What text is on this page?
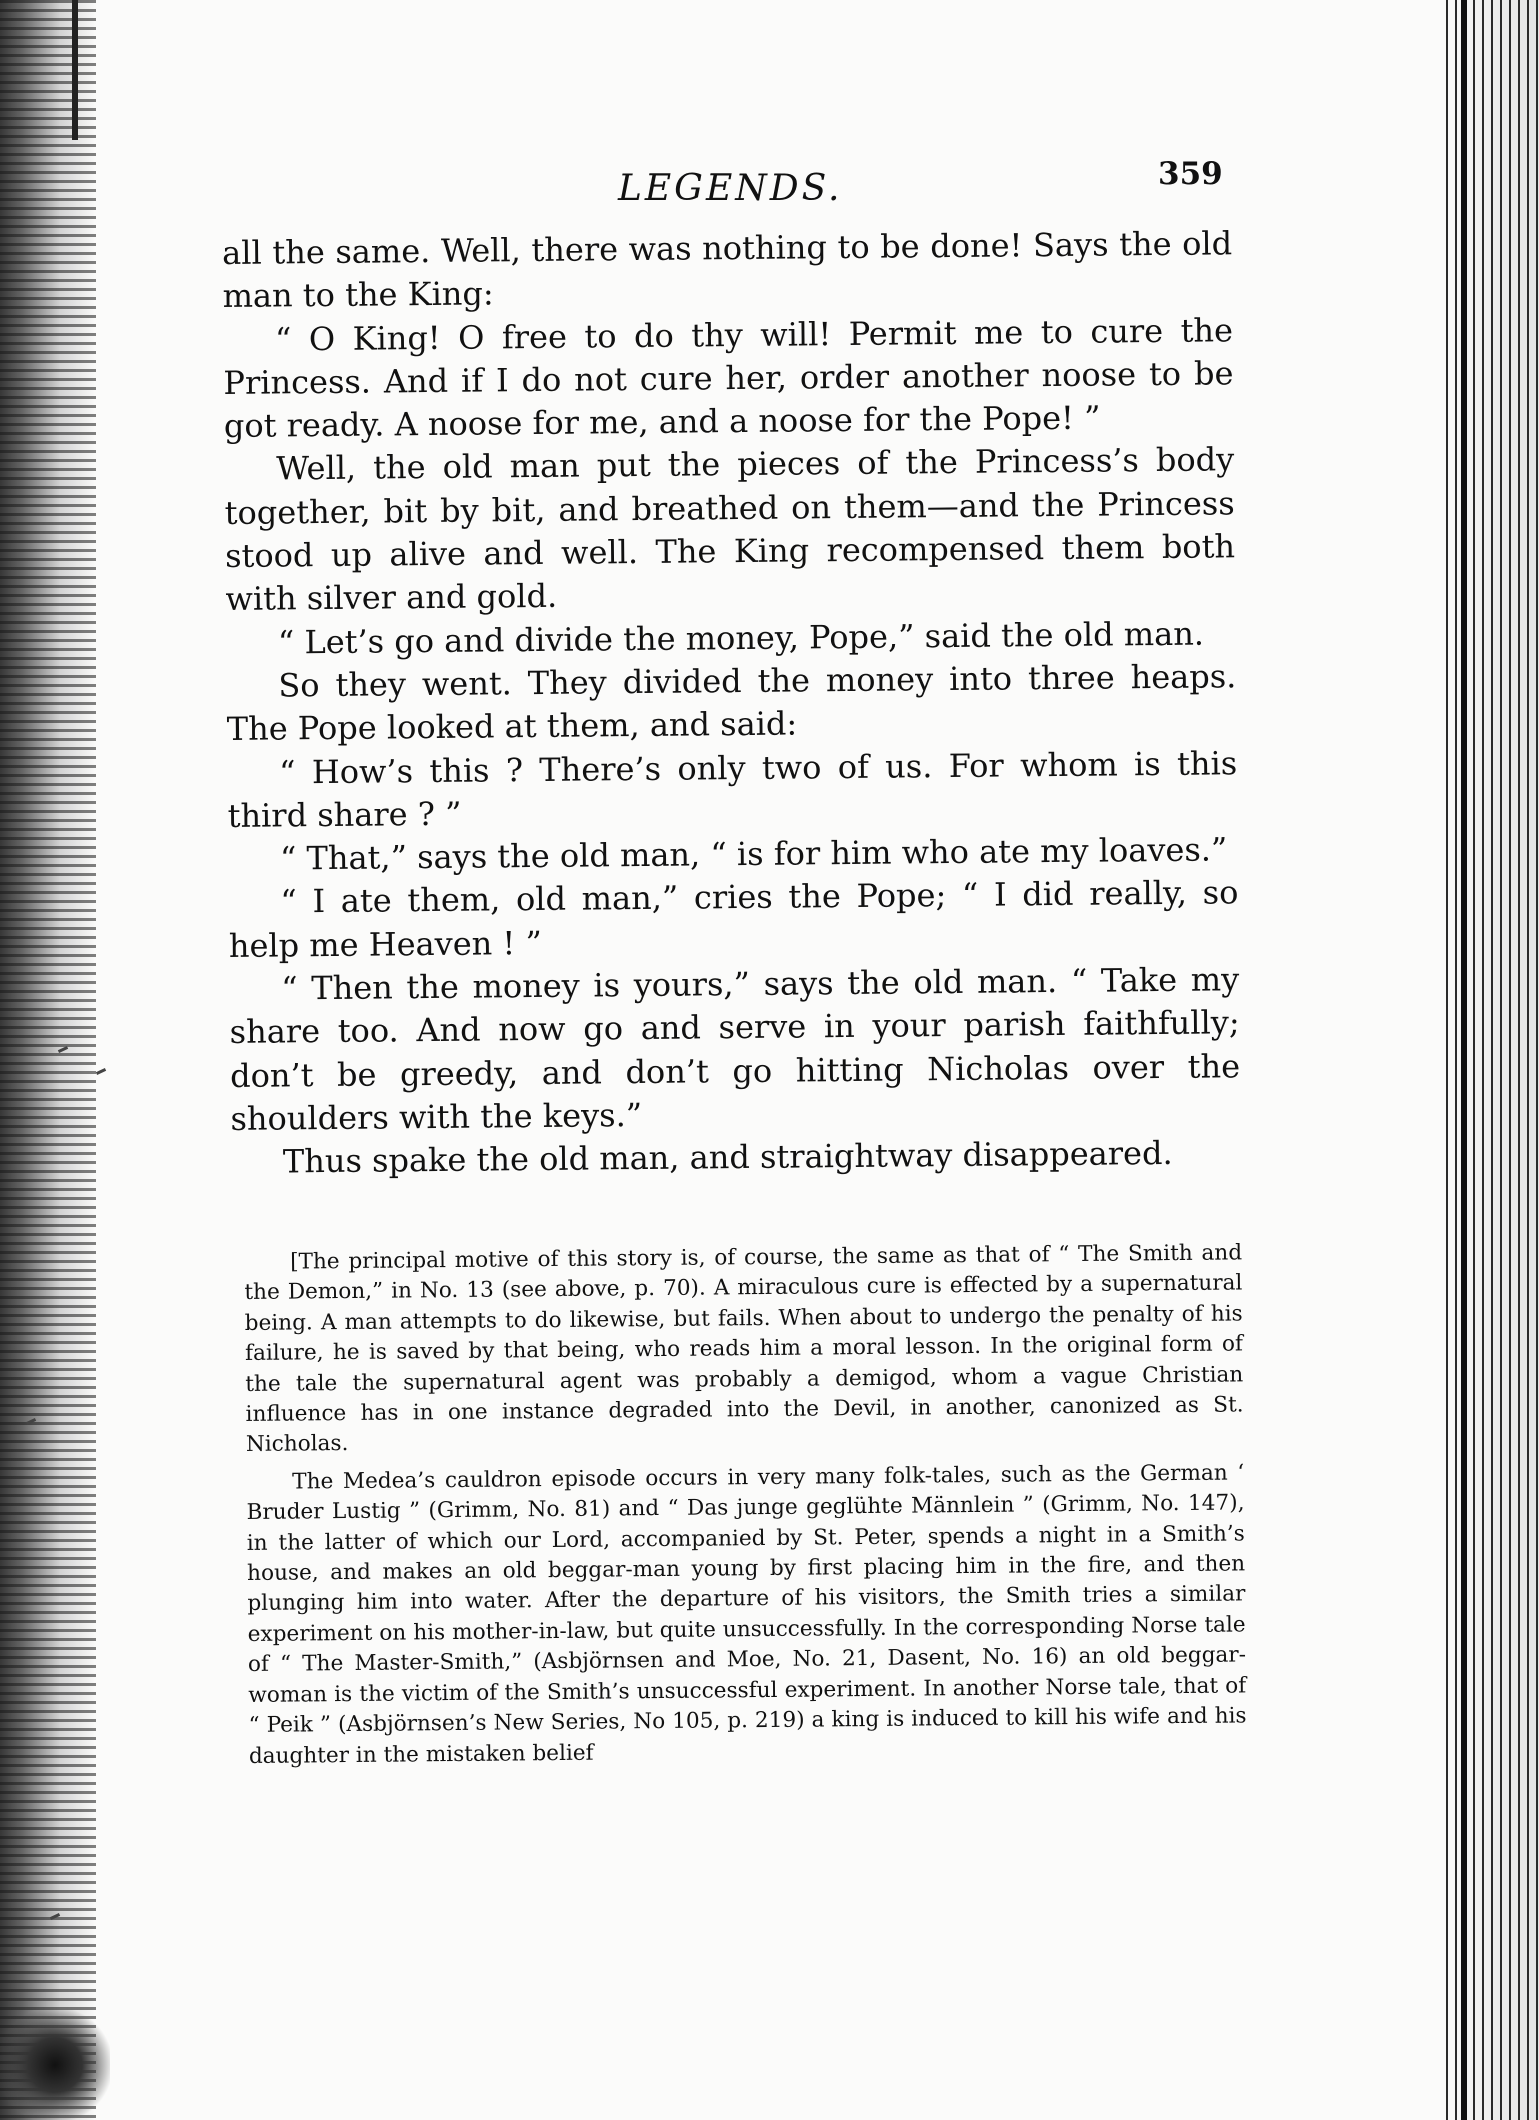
LEGENDS.	359

all the same. Well, there was nothing to be done! Says the old man to the King:

“ O King! O free to do thy will! Permit me to cure the Princess. And if I do not cure her, order another noose to be got ready. A noose for me, and a noose for the Pope! ”

Well, the old man put the pieces of the Princess’s body together, bit by bit, and breathed on them—and the Princess stood up alive and well. The King recompensed them both with silver and gold.

“ Let’s go and divide the money, Pope,” said the old man.

So they went. They divided the money into three heaps. The Pope looked at them, and said:

“ How’s this ? There’s only two of us. For whom is this third share ? ”

“ That,” says the old man, “ is for him who ate my loaves.”

“ I ate them, old man,” cries the Pope; “ I did really, so help me Heaven ! ”

“ Then the money is yours,” says the old man. “ Take my share too. And now go and serve in your parish faithfully; don’t be greedy, and don’t go hitting Nicholas over the shoulders with the keys.”

Thus spake the old man, and straightway disappeared.

[The principal motive of this story is, of course, the same as that of “ The Smith and the Demon,” in No. 13 (see above, p. 70). A miraculous cure is effected by a supernatural being. A man attempts to do likewise, but fails. When about to undergo the penalty of his failure, he is saved by that being, who reads him a moral lesson. In the original form of the tale the supernatural agent was probably a demigod, whom a vague Christian influence has in one instance degraded into the Devil, in another, canonized as St. Nicholas.

The Medea’s cauldron episode occurs in very many folk-tales, such as the German ‘ Bruder Lustig ” (Grimm, No. 81) and “ Das junge geglühte Männlein ” (Grimm, No. 147), in the latter of which our Lord, accompanied by St. Peter, spends a night in a Smith’s house, and makes an old beggar-man young by first placing him in the fire, and then plunging him into water. After the departure of his visitors, the Smith tries a similar experiment on his mother-in-law, but quite unsuccessfully. In the corresponding Norse tale of “ The Master-Smith,” (Asbjörnsen and Moe, No. 21, Dasent, No. 16) an old beggar-woman is the victim of the Smith’s unsuccessful experiment. In another Norse tale, that of “ Peik ” (Asbjörnsen’s New Series, No 105, p. 219) a king is induced to kill his wife and his daughter in the mistaken belief
